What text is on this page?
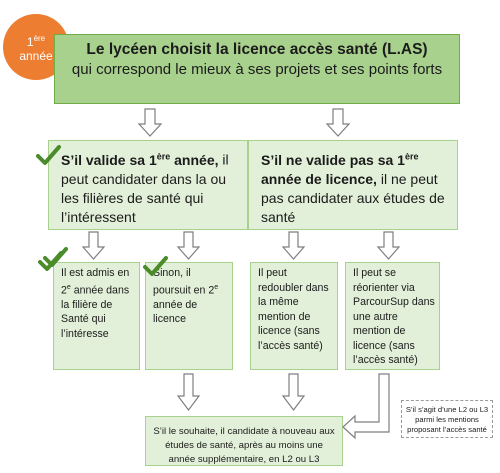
1ère
année	Le lycéen choisit la licence accès santé (L.AS)
qui correspond le mieux à ses projets et ses points forts
S’il valide sa 1ère année, il peut candidater dans la ou les filières de santé qui l’intéressent
S’il ne valide pas sa 1ère année de licence, il ne peut pas candidater aux études de santé
Il est admis en 2e année dans la filière de Santé qui l’intéresse
Sinon, il poursuit en 2e année de licence
Il peut redoubler dans la même mention de licence (sans l’accès santé)
Il peut se réorienter via ParcourSup dans une autre mention de licence (sans l’accès santé)
S’il le souhaite, il candidate à nouveau aux études de santé, après au moins une année supplémentaire, en L2 ou L3
S’il s’agit d’une L2 ou L3 parmi les mentions proposant l’accès santé
